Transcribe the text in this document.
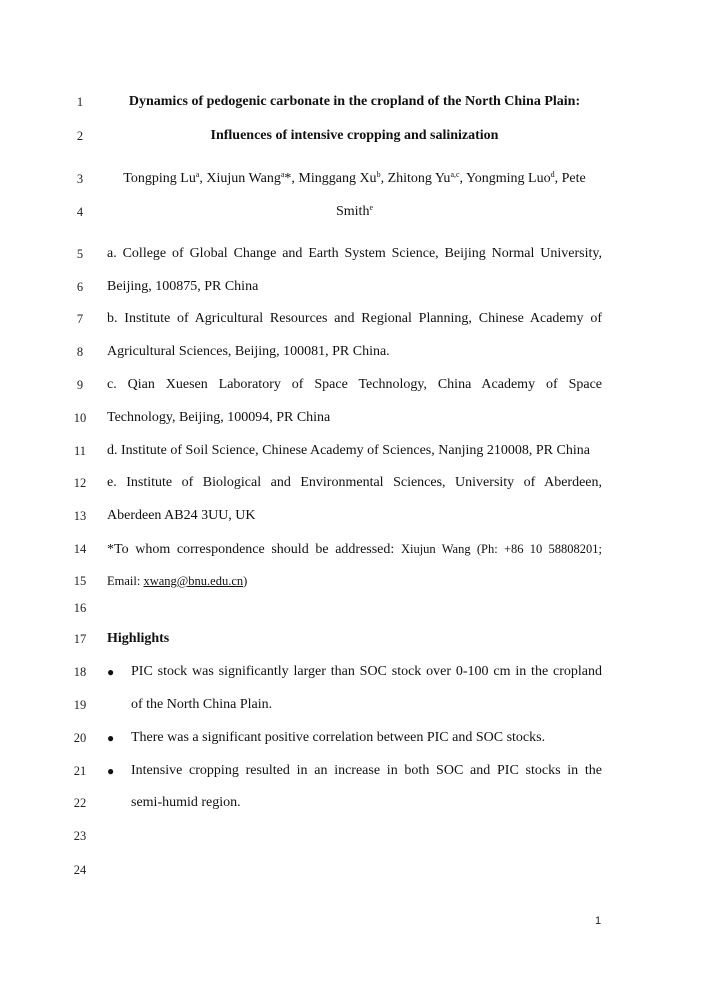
1
2
3
4
5
6
7
8
9
10
11
12
13
14
15
16
17
18
19
20
21
22
23
24
Dynamics of pedogenic carbonate in the cropland of the North China Plain:
Influences of intensive cropping and salinization
Tongping Lu$^a$, Xiujun Wang$^a$*, Minggang Xu$^b$, Zhitong Yu$^{a,c}$, Yongming Luo$^d$, Pete
Smith$^e$
a. College of Global Change and Earth System Science, Beijing Normal University,
Beijing, 100875, PR China
b. Institute of Agricultural Resources and Regional Planning, Chinese Academy of
Agricultural Sciences, Beijing, 100081, PR China.
c. Qian Xuesen Laboratory of Space Technology, China Academy of Space
Technology, Beijing, 100094, PR China
d. Institute of Soil Science, Chinese Academy of Sciences, Nanjing 210008, PR China
e. Institute of Biological and Environmental Sciences, University of Aberdeen,
Aberdeen AB24 3UU, UK
*To whom correspondence should be addressed: Xiujun Wang (Ph: +86 10 58808201;
Email: xwang@bnu.edu.cn)
Highlights
● PIC stock was significantly larger than SOC stock over 0-100 cm in the cropland
of the North China Plain.
● There was a significant positive correlation between PIC and SOC stocks.
● Intensive cropping resulted in an increase in both SOC and PIC stocks in the
semi-humid region.
1
